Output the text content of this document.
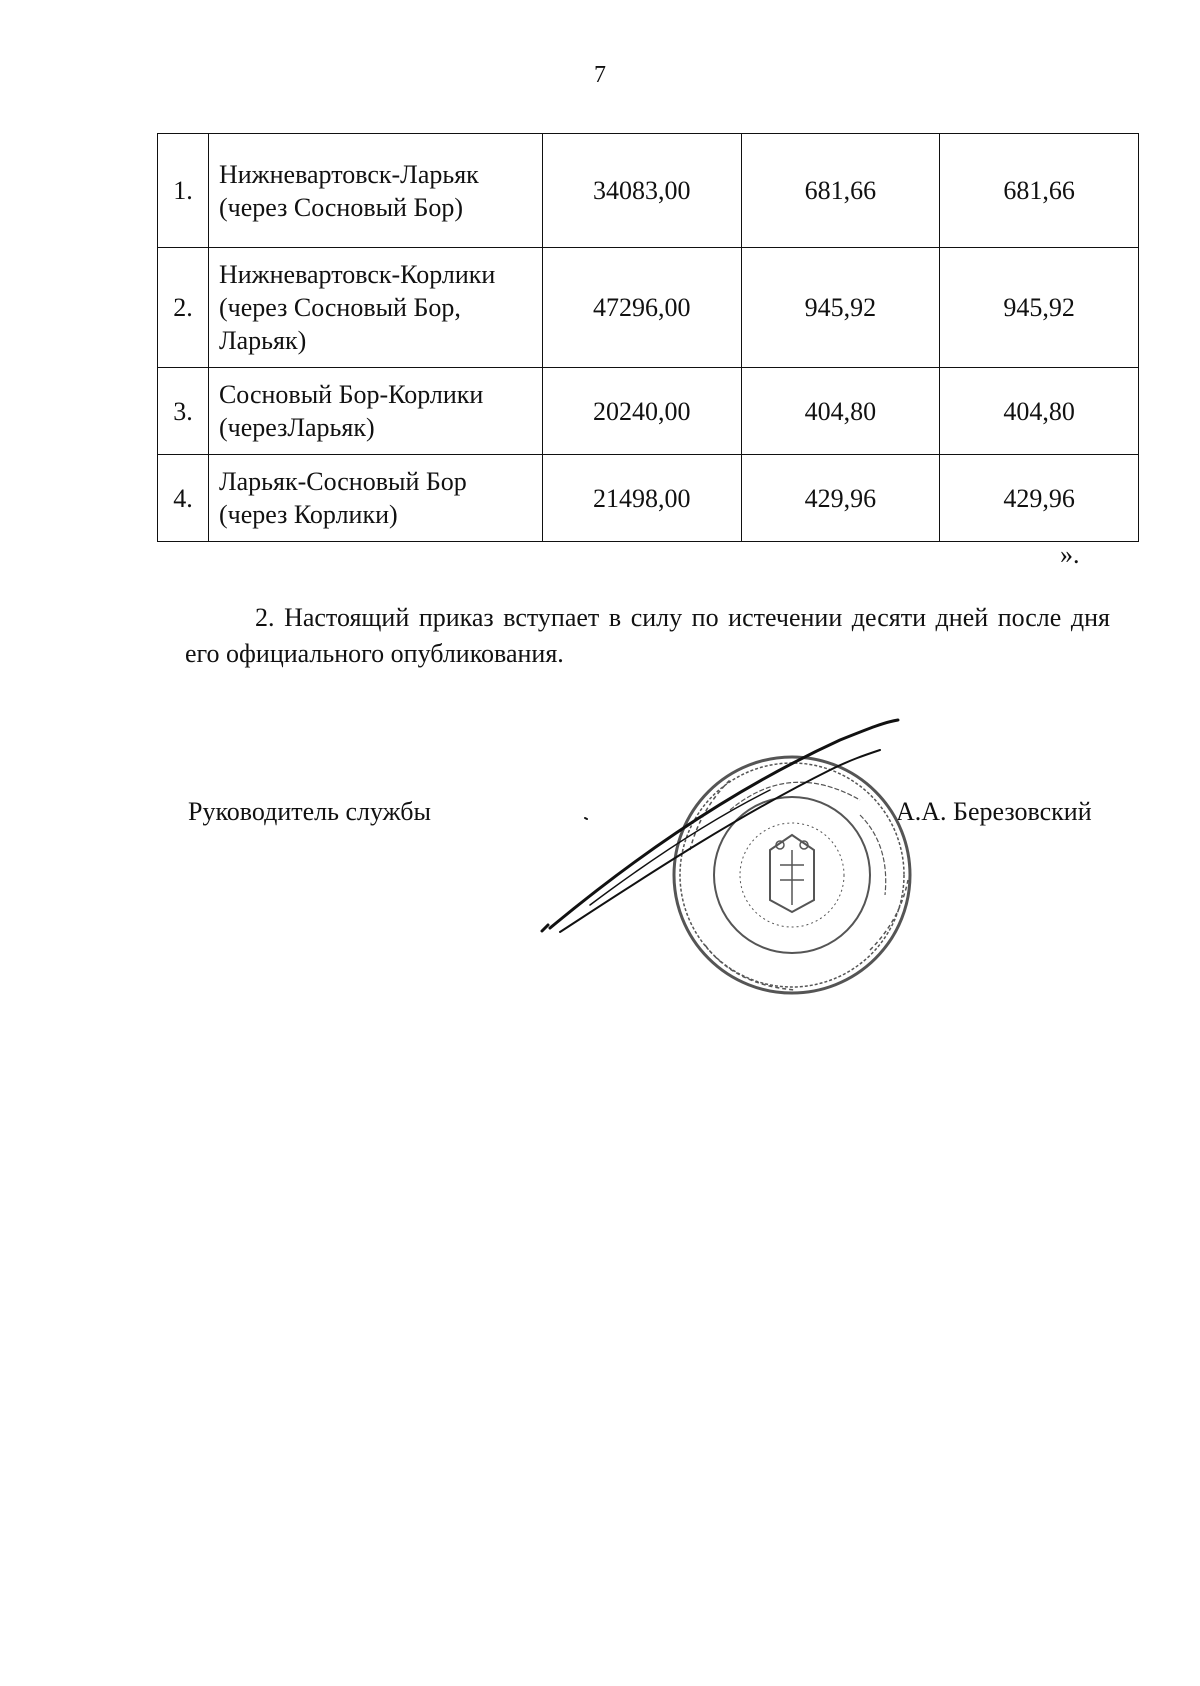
7
1.	Нижневартовск-Ларьяк (через Сосновый Бор)	34083,00	681,66	681,66
2.	Нижневартовск-Корлики (через Сосновый Бор, Ларьяк)	47296,00	945,92	945,92
3.	Сосновый Бор-Корлики (черезЛарьяк)	20240,00	404,80	404,80
4.	Ларьяк-Сосновый Бор (через Корлики)	21498,00	429,96	429,96
».
2. Настоящий приказ вступает в силу по истечении десяти дней после дня его официального опубликования.
Руководитель службы	А.А. Березовский
